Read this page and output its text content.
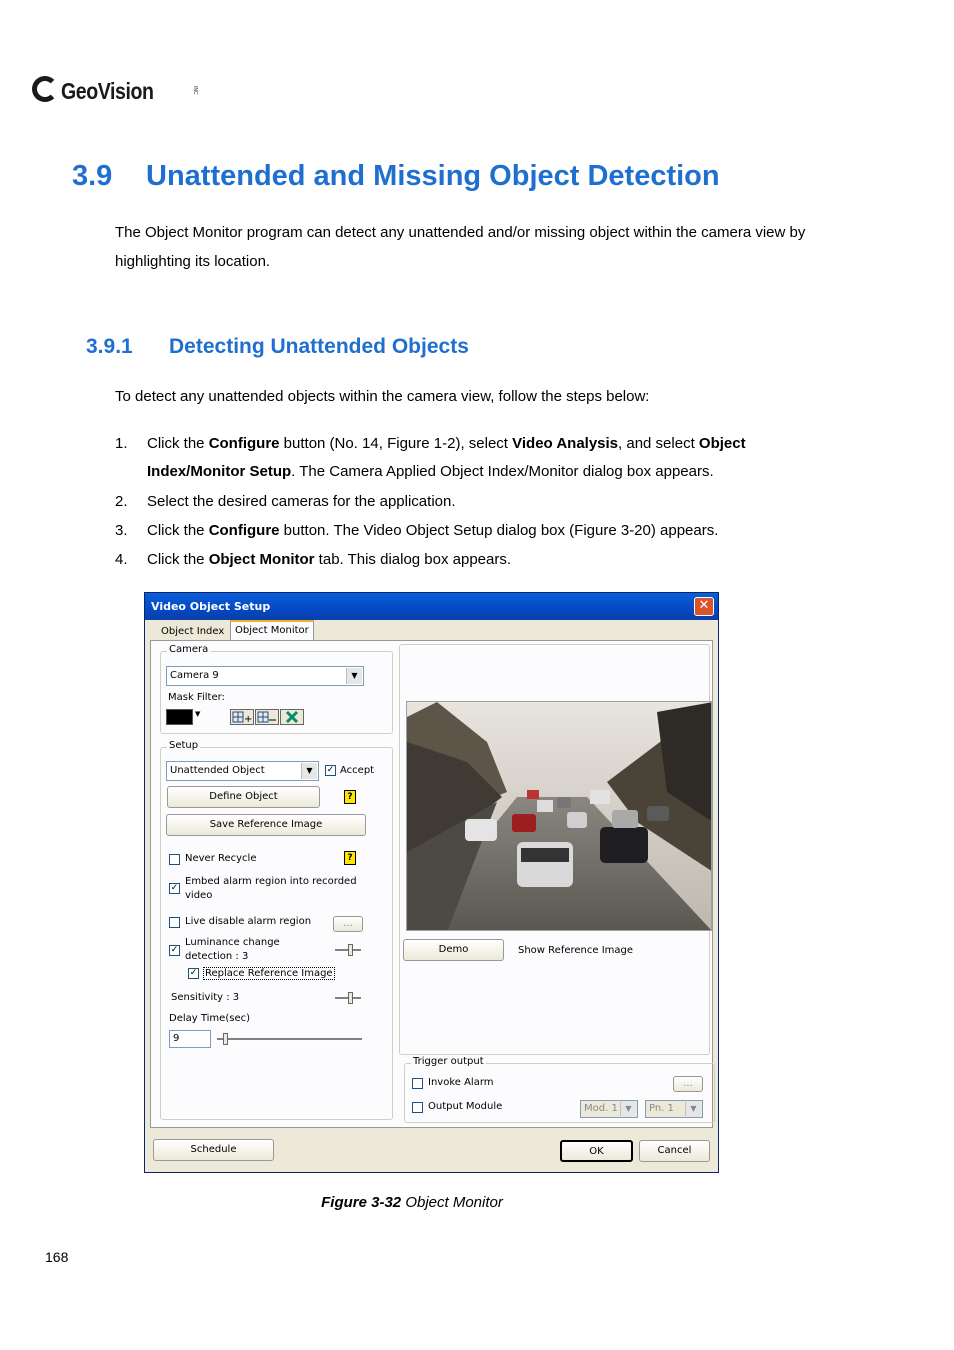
GeoVision	INC
3.9 Unattended and Missing Object Detection
The Object Monitor program can detect any unattended and/or missing object within the camera view by highlighting its location.
3.9.1 Detecting Unattended Objects
To detect any unattended objects within the camera view, follow the steps below:
1. Click the Configure button (No. 14, Figure 1-2), select Video Analysis, and select Object Index/Monitor Setup. The Camera Applied Object Index/Monitor dialog box appears.
2. Select the desired cameras for the application.
3. Click the Configure button. The Video Object Setup dialog box (Figure 3-20) appears.
4. Click the Object Monitor tab. This dialog box appears.
Video Object Setup	✕
Object Index	Object Monitor
Camera
Camera 9	▼
Mask Filter:
▼	+
Setup
Unattended Object	▼	✓ Accept
Define Object	?
Save Reference Image
Never Recycle	?
✓
Embed alarm region into recorded
video
Live disable alarm region	...
✓
Luminance change
detection : 3
✓ Replace Reference Image
Sensitivity : 3
Delay Time(sec)
9
Demo	Show Reference Image
Trigger output
Invoke Alarm	...
Output Module	Mod. 1 ▼	Pn. 1	▼
Schedule	OK	Cancel
Figure 3-32 Object Monitor
168
